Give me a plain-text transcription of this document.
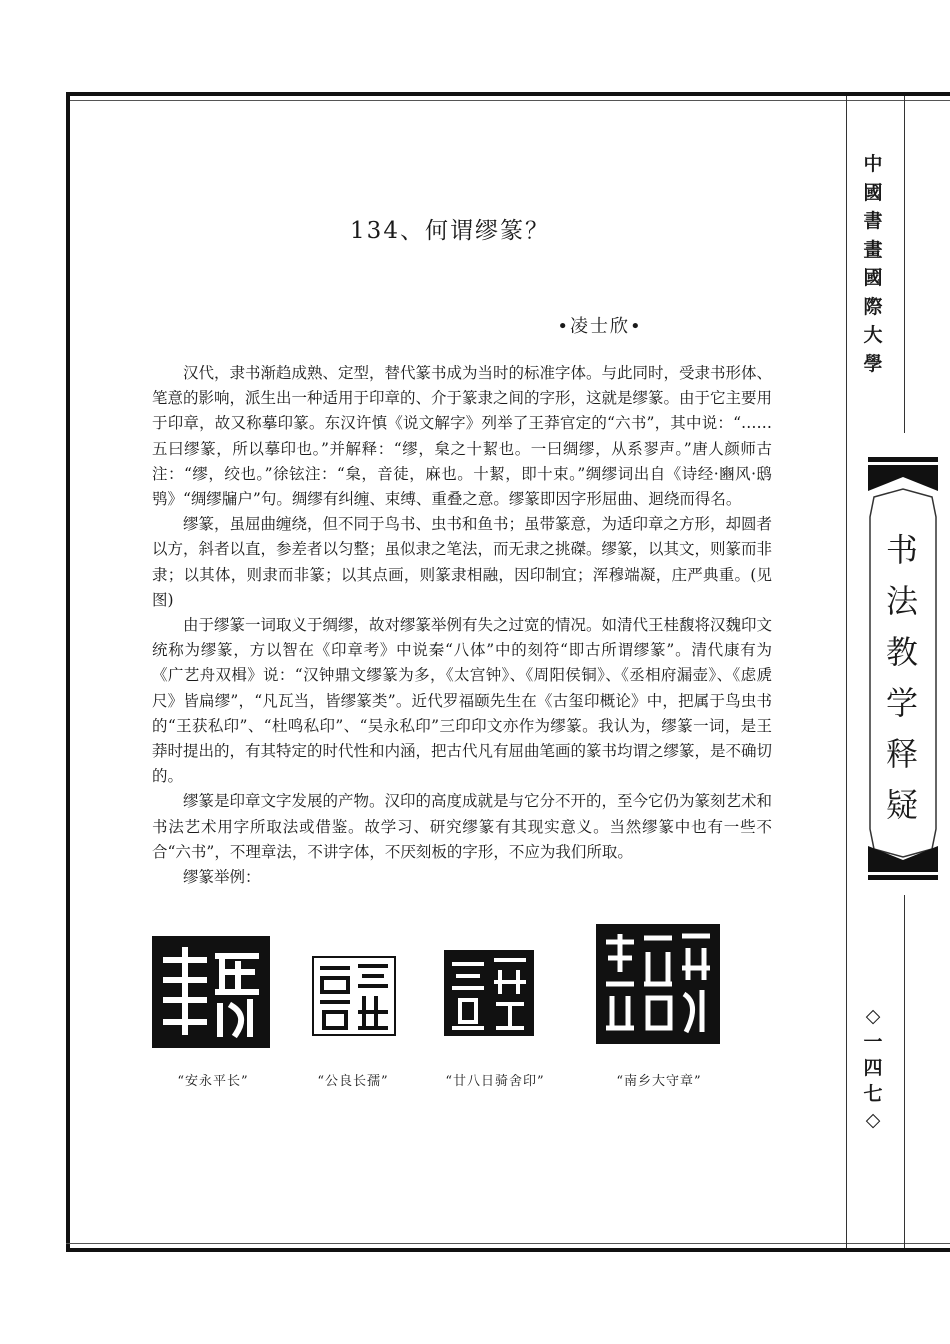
中
國
書
畫
國
際
大
學
书
法
教
学
释
疑
◇
一
四
七
◇
134、何谓缪篆？
•凌士欣•

汉代，隶书渐趋成熟、定型，替代篆书成为当时的标准字体。与此同时，受隶书形体、笔意的影响，派生出一种适用于印章的、介于篆隶之间的字形，这就是缪篆。由于它主要用于印章，故又称摹印篆。东汉许慎《说文解字》列举了王莽官定的“六书”，其中说：“……五曰缪篆，所以摹印也。”并解释：“缪，枲之十絜也。一曰绸缪，从系翏声。”唐人颜师古注：“缪，绞也。”徐铉注：“枲，音徒，麻也。十絜，即十束。”绸缪词出自《诗经·豳风·鸱鸮》“绸缪牖户”句。绸缪有纠缠、束缚、重叠之意。缪篆即因字形屈曲、迴绕而得名。

缪篆，虽屈曲缠绕，但不同于鸟书、虫书和鱼书；虽带篆意，为适印章之方形，却圆者以方，斜者以直，参差者以匀整；虽似隶之笔法，而无隶之挑磔。缪篆，以其文，则篆而非隶；以其体，则隶而非篆；以其点画，则篆隶相融，因印制宜；浑穆端凝，庄严典重。(见图)

由于缪篆一词取义于绸缪，故对缪篆举例有失之过宽的情况。如清代王桂馥将汉魏印文统称为缪篆，方以智在《印章考》中说秦“八体”中的刻符“即古所谓缪篆”。清代康有为《广艺舟双楫》说：“汉钟鼎文缪篆为多，《太宫钟》、《周阳侯铜》、《丞相府漏壶》、《虑虒尺》皆扁缪”，“凡瓦当，皆缪篆类”。近代罗福颐先生在《古玺印概论》中，把属于鸟虫书的“王获私印”、“杜鸣私印”、“吴永私印”三印印文亦作为缪篆。我认为，缪篆一词，是王莽时提出的，有其特定的时代性和内涵，把古代凡有屈曲笔画的篆书均谓之缪篆，是不确切的。

缪篆是印章文字发展的产物。汉印的高度成就是与它分不开的，至今它仍为篆刻艺术和书法艺术用字所取法或借鉴。故学习、研究缪篆有其现实意义。当然缪篆中也有一些不合“六书”，不理章法，不讲字体，不厌刻板的字形，不应为我们所取。

缪篆举例：

“安永平长”	“公良长孺”	“廿八日骑舍印”	“南乡大守章”
